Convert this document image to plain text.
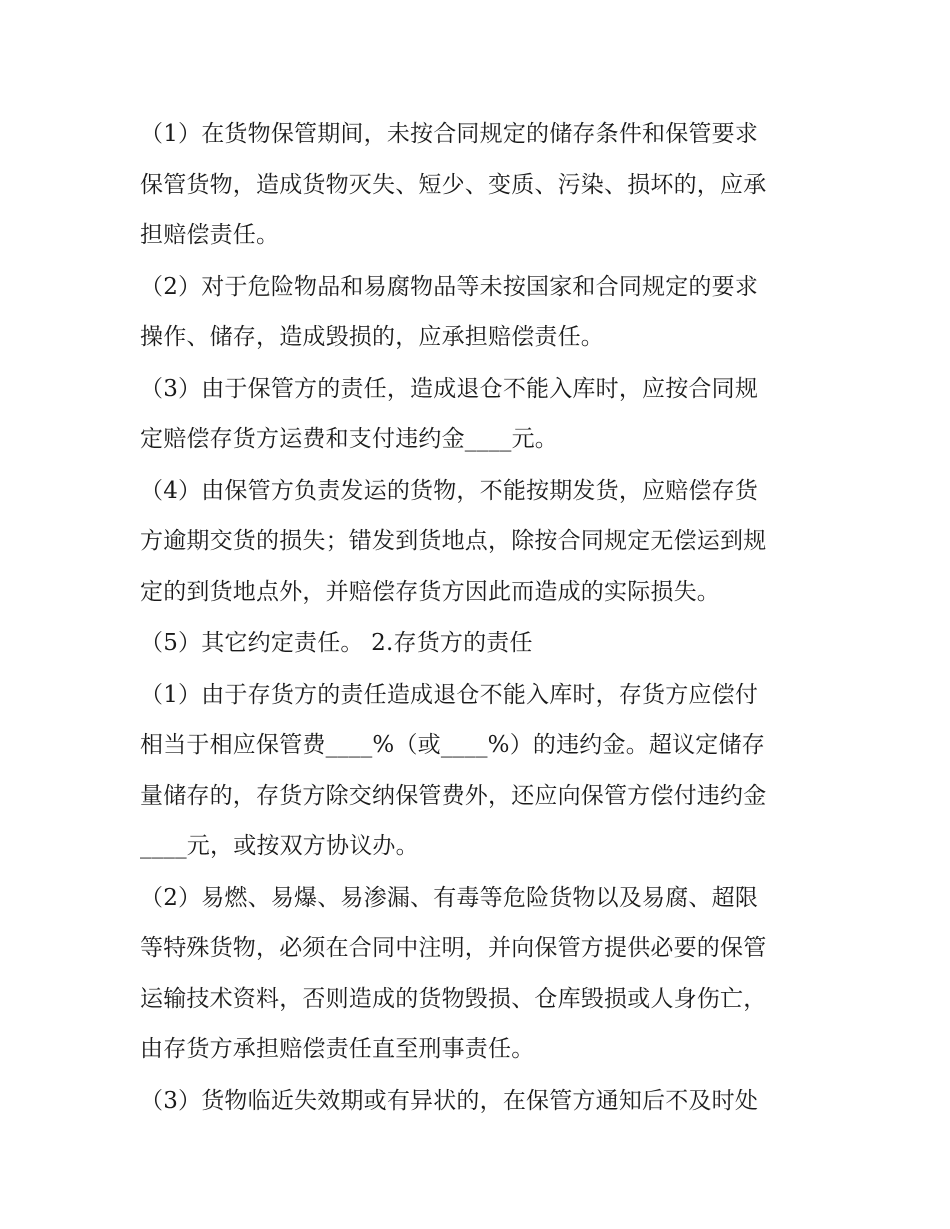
（1）在货物保管期间，未按合同规定的储存条件和保管要求
保管货物，造成货物灭失、短少、变质、污染、损坏的，应承
担赔偿责任。
（2）对于危险物品和易腐物品等未按国家和合同规定的要求
操作、储存，造成毁损的，应承担赔偿责任。
（3）由于保管方的责任，造成退仓不能入库时，应按合同规
定赔偿存货方运费和支付违约金____元。
（4）由保管方负责发运的货物，不能按期发货，应赔偿存货
方逾期交货的损失；错发到货地点，除按合同规定无偿运到规
定的到货地点外，并赔偿存货方因此而造成的实际损失。
（5）其它约定责任。 2.存货方的责任
（1）由于存货方的责任造成退仓不能入库时，存货方应偿付
相当于相应保管费____%（或____%）的违约金。超议定储存
量储存的，存货方除交纳保管费外，还应向保管方偿付违约金
____元，或按双方协议办。
（2）易燃、易爆、易渗漏、有毒等危险货物以及易腐、超限
等特殊货物，必须在合同中注明，并向保管方提供必要的保管
运输技术资料，否则造成的货物毁损、仓库毁损或人身伤亡，
由存货方承担赔偿责任直至刑事责任。
（3）货物临近失效期或有异状的，在保管方通知后不及时处
